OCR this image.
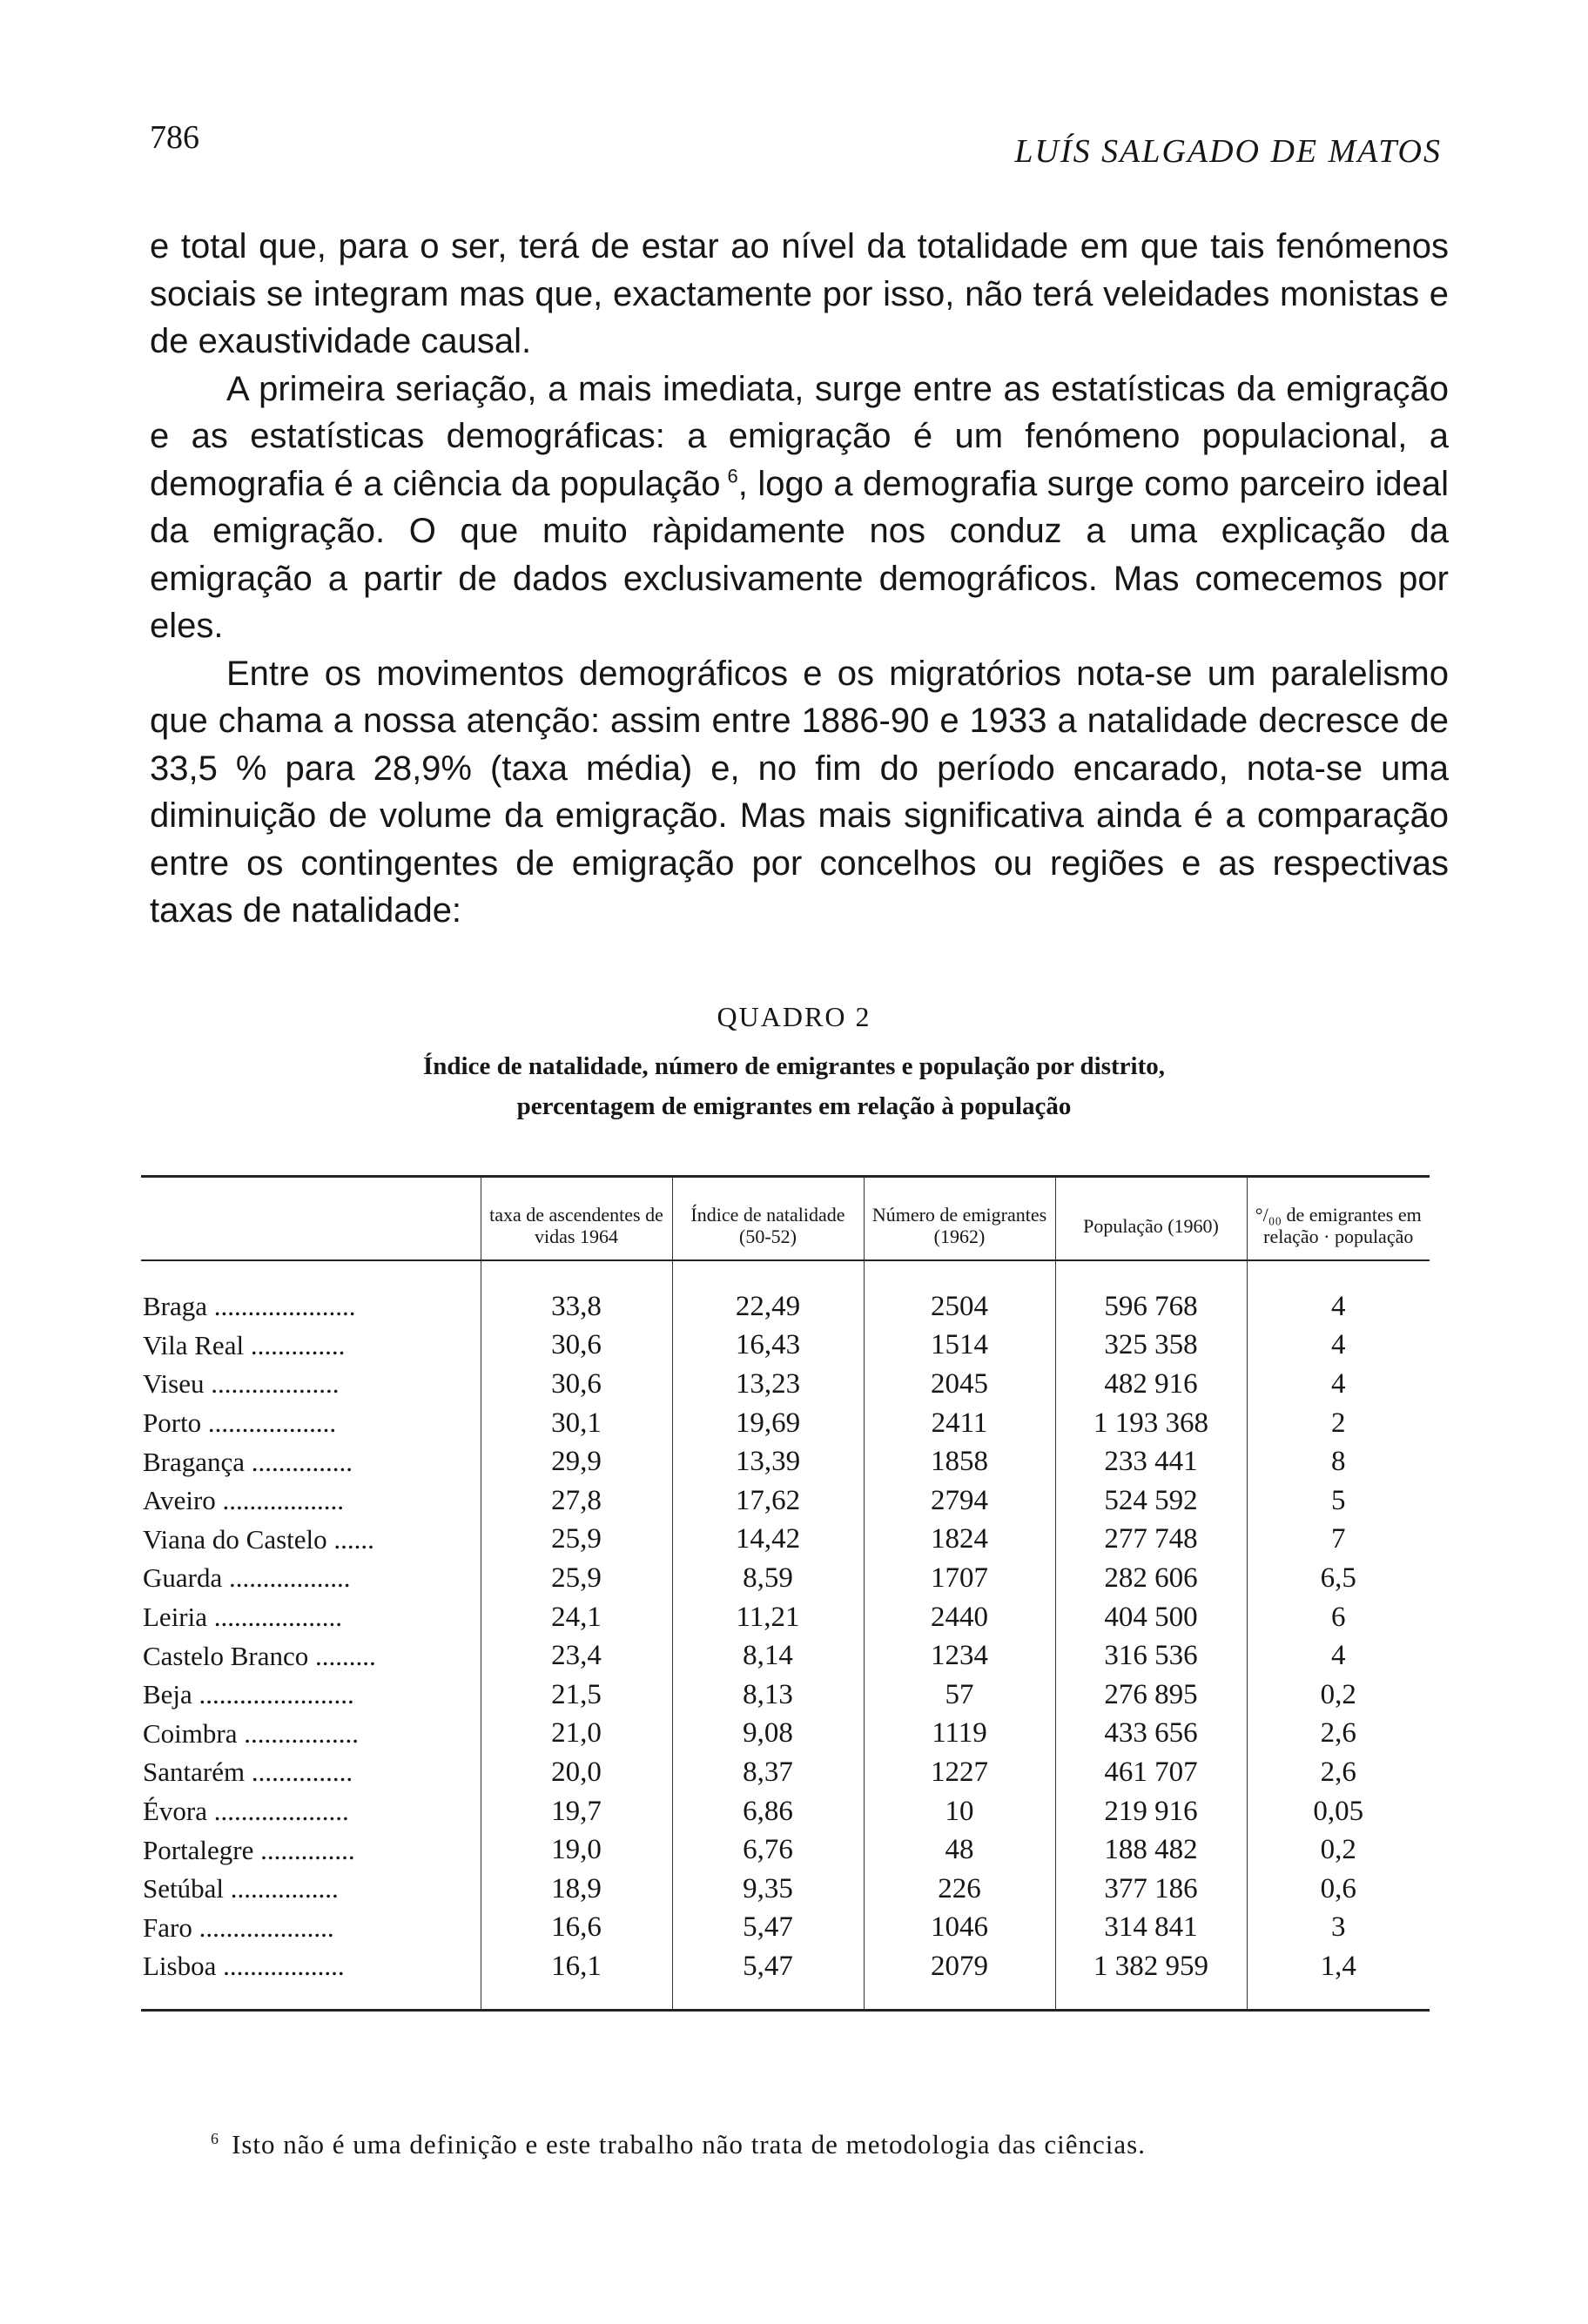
786	LUÍS SALGADO DE MATOS

e total que, para o ser, terá de estar ao nível da totalidade em que tais fenómenos sociais se integram mas que, exactamente por isso, não terá veleidades monistas e de exaustividade causal.

A primeira seriação, a mais imediata, surge entre as estatísticas da emigração e as estatísticas demográficas: a emigração é um fenómeno populacional, a demografia é a ciência da população  $^6$, logo a demografia surge como parceiro ideal da emigração. O que muito ràpidamente nos conduz a uma explicação da emigração a partir de dados exclusivamente demográficos. Mas comecemos por eles.

Entre os movimentos demográficos e os migratórios nota-se um paralelismo que chama a nossa atenção: assim entre 1886-90 e 1933 a natalidade decresce de 33,5 % para 28,9% (taxa média) e, no fim do período encarado, nota-se uma diminuição de volume da emigração. Mas mais significativa ainda é a comparação entre os contingentes de emigração por concelhos ou regiões e as respectivas taxas de natalidade:

QUADRO 2
Índice de natalidade, número de emigrantes e população por distrito,
percentagem de emigrantes em relação à população
	taxa de ascendentes de vidas 1964	Índice de natalidade (50-52)	Número de emigrantes (1962)	População (1960)	°/₀₀ de emigrantes em relação · população
Braga .....................	33,8	22,49	2504	596 768	4
Vila Real ..............	30,6	16,43	1514	325 358	4
Viseu ...................	30,6	13,23	2045	482 916	4
Porto ...................	30,1	19,69	2411	1 193 368	2
Bragança ...............	29,9	13,39	1858	233 441	8
Aveiro ..................	27,8	17,62	2794	524 592	5
Viana do Castelo ......	25,9	14,42	1824	277 748	7
Guarda ..................	25,9	8,59	1707	282 606	6,5
Leiria ...................	24,1	11,21	2440	404 500	6
Castelo Branco .........	23,4	8,14	1234	316 536	4
Beja .......................	21,5	8,13	57	276 895	0,2
Coimbra .................	21,0	9,08	1119	433 656	2,6
Santarém ...............	20,0	8,37	1227	461 707	2,6
Évora ....................	19,7	6,86	10	219 916	0,05
Portalegre ..............	19,0	6,76	48	188 482	0,2
Setúbal ................	18,9	9,35	226	377 186	0,6
Faro ....................	16,6	5,47	1046	314 841	3
Lisboa ..................	16,1	5,47	2079	1 382 959	1,4
$^6$ Isto não é uma definição e este trabalho não trata de metodologia das ciências.
